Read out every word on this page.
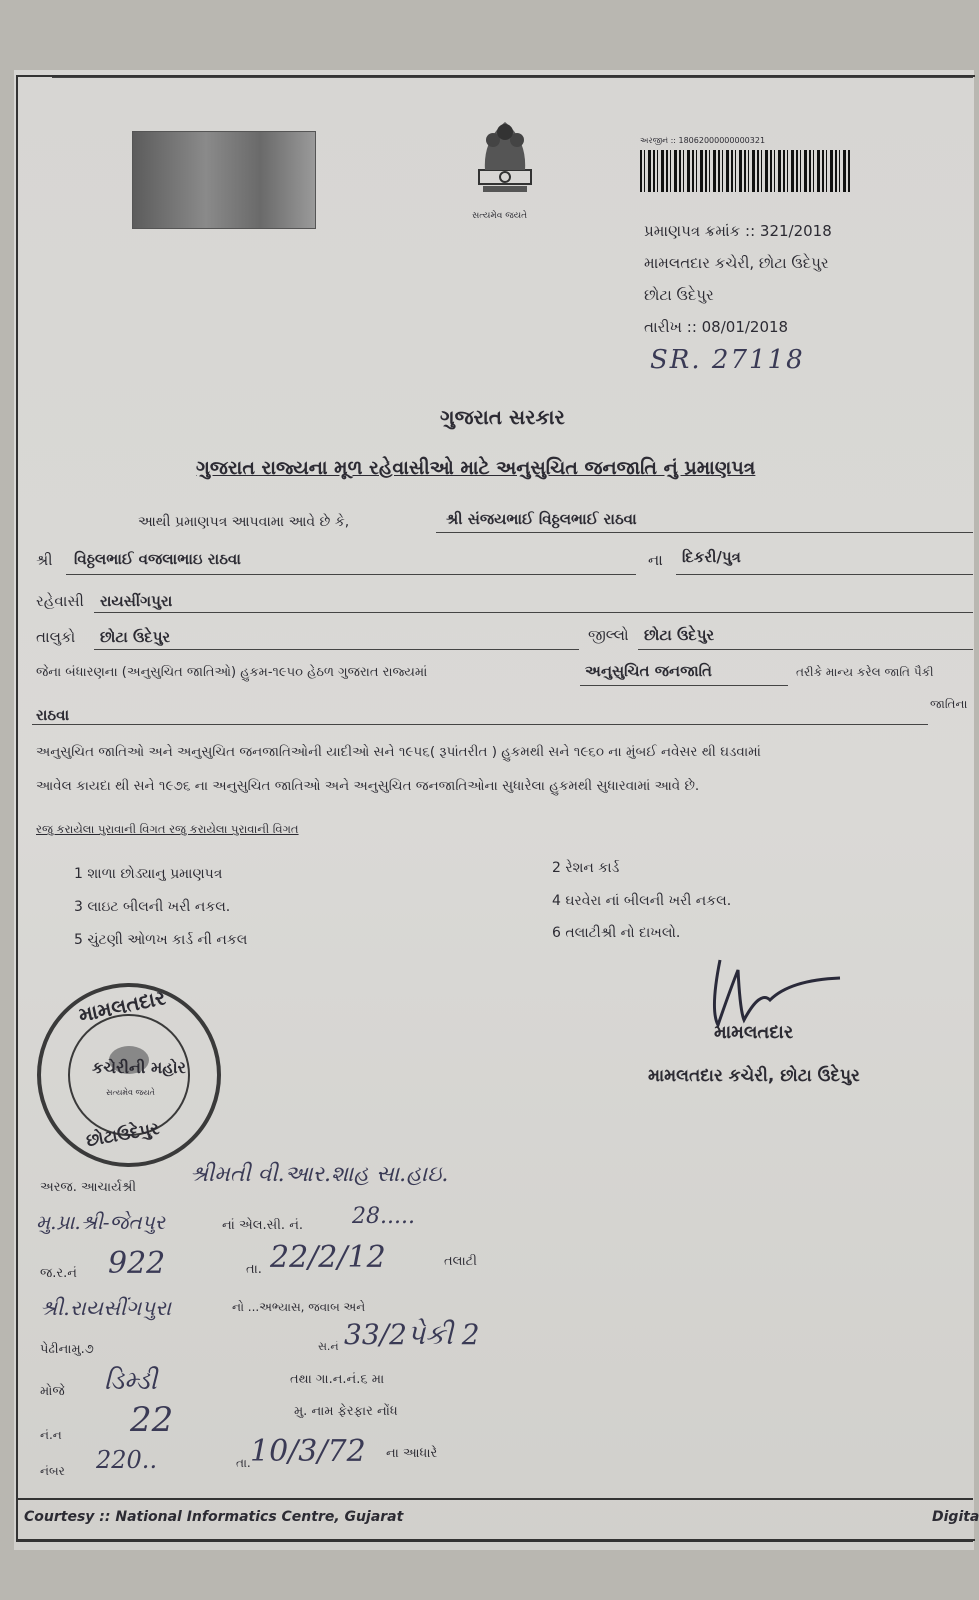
સત્યમેવ જયતે
અરજીનં :: 18062000000000321
પ્રમાણપત્ર ક્રમાંક :: 321/2018
મામલતદાર કચેરી, છોટા ઉદેપુર
છોટા ઉદેપુર
તારીખ :: 08/01/2018
SR. 27118
ગુજરાત સરકાર
ગુજરાત રાજ્યના મૂળ રહેવાસીઓ માટે અનુસુચિત જનજાતિ નું પ્રમાણપત્ર
આથી પ્રમાણપત્ર આપવામા આવે છે કે,	શ્રી સંજયભાઈ વિઠ્ઠલભાઈ રાઠવા
શ્રી વિઠ્ઠલભાઈ વજલાભાઇ રાઠવા	ના દિકરી/પુત્ર
રહેવાસી રાયસીંગપુરા
તાલુકો છોટા ઉદેપુર	જીલ્લો છોટા ઉદેપુર
જેના બંધારણના (અનુસુચિત જાતિઓ) હુકમ-૧૯૫૦ હેઠળ ગુજરાત રાજ્યમાં	અનુસુચિત જનજાતિ	તરીકે માન્ય કરેલ જાતિ પૈકી
રાઠવા
જાતિના
અનુસુચિત જાતિઓ અને અનુસુચિત જનજાતિઓની યાદીઓ સને ૧૯૫૬( રૂપાંતરીત ) હુકમથી સને ૧૯૬૦ ના મુંબઈ નવેસર થી ઘડવામાં
આવેલ કાયદા થી સને ૧૯૭૬ ના અનુસુચિત જાતિઓ અને અનુસુચિત જનજાતિઓના સુધારેલા હુકમથી સુધારવામાં આવે છે.
રજુ કરાયેલા પુરાવાની વિગત રજુ કરાયેલા પુરાવાની વિગત
1 શાળા છોડ્યાનુ પ્રમાણપત્ર	2 રેશન કાર્ડ
3 લાઇટ બીલની ખરી નકલ.	4 ઘરવેરા નાં બીલની ખરી નકલ.
5 ચુંટણી ઓળખ કાર્ડ ની નકલ	6 તલાટીશ્રી નો દાખલો.
મામલતદાર
મામલતદાર કચેરી, છોટા ઉદેપુર
મામલતદાર
કચેરીની મહોર
સત્યમેવ જયતે
છોટાઉદેપુર
અરજ. આચાર્યશ્રી
શ્રીમતી વી.આર.શાહ સા.હાઇ.
મુ.પ્રા.શ્રી-જેતપુર	નાં એલ.સી. નં. 28.....
જ.ર.નં 922	તા. 22/2/12	તલાટી
શ્રી.રાયસીંગપુરા	નો ...અભ્યાસ, જવાબ અને
સ.નં 33/2પેકી 2
પેઢીનામુ.૭
તથા ગા.ન.નં.૬ મા
મોજે ડિમ્ડી
નં.ન 22	મુ. નામ ફેરફાર નોંધ
નંબર 220..	તા. 10/3/72 ના આધારે
Courtesy :: National Informatics Centre, Gujarat	Digita
